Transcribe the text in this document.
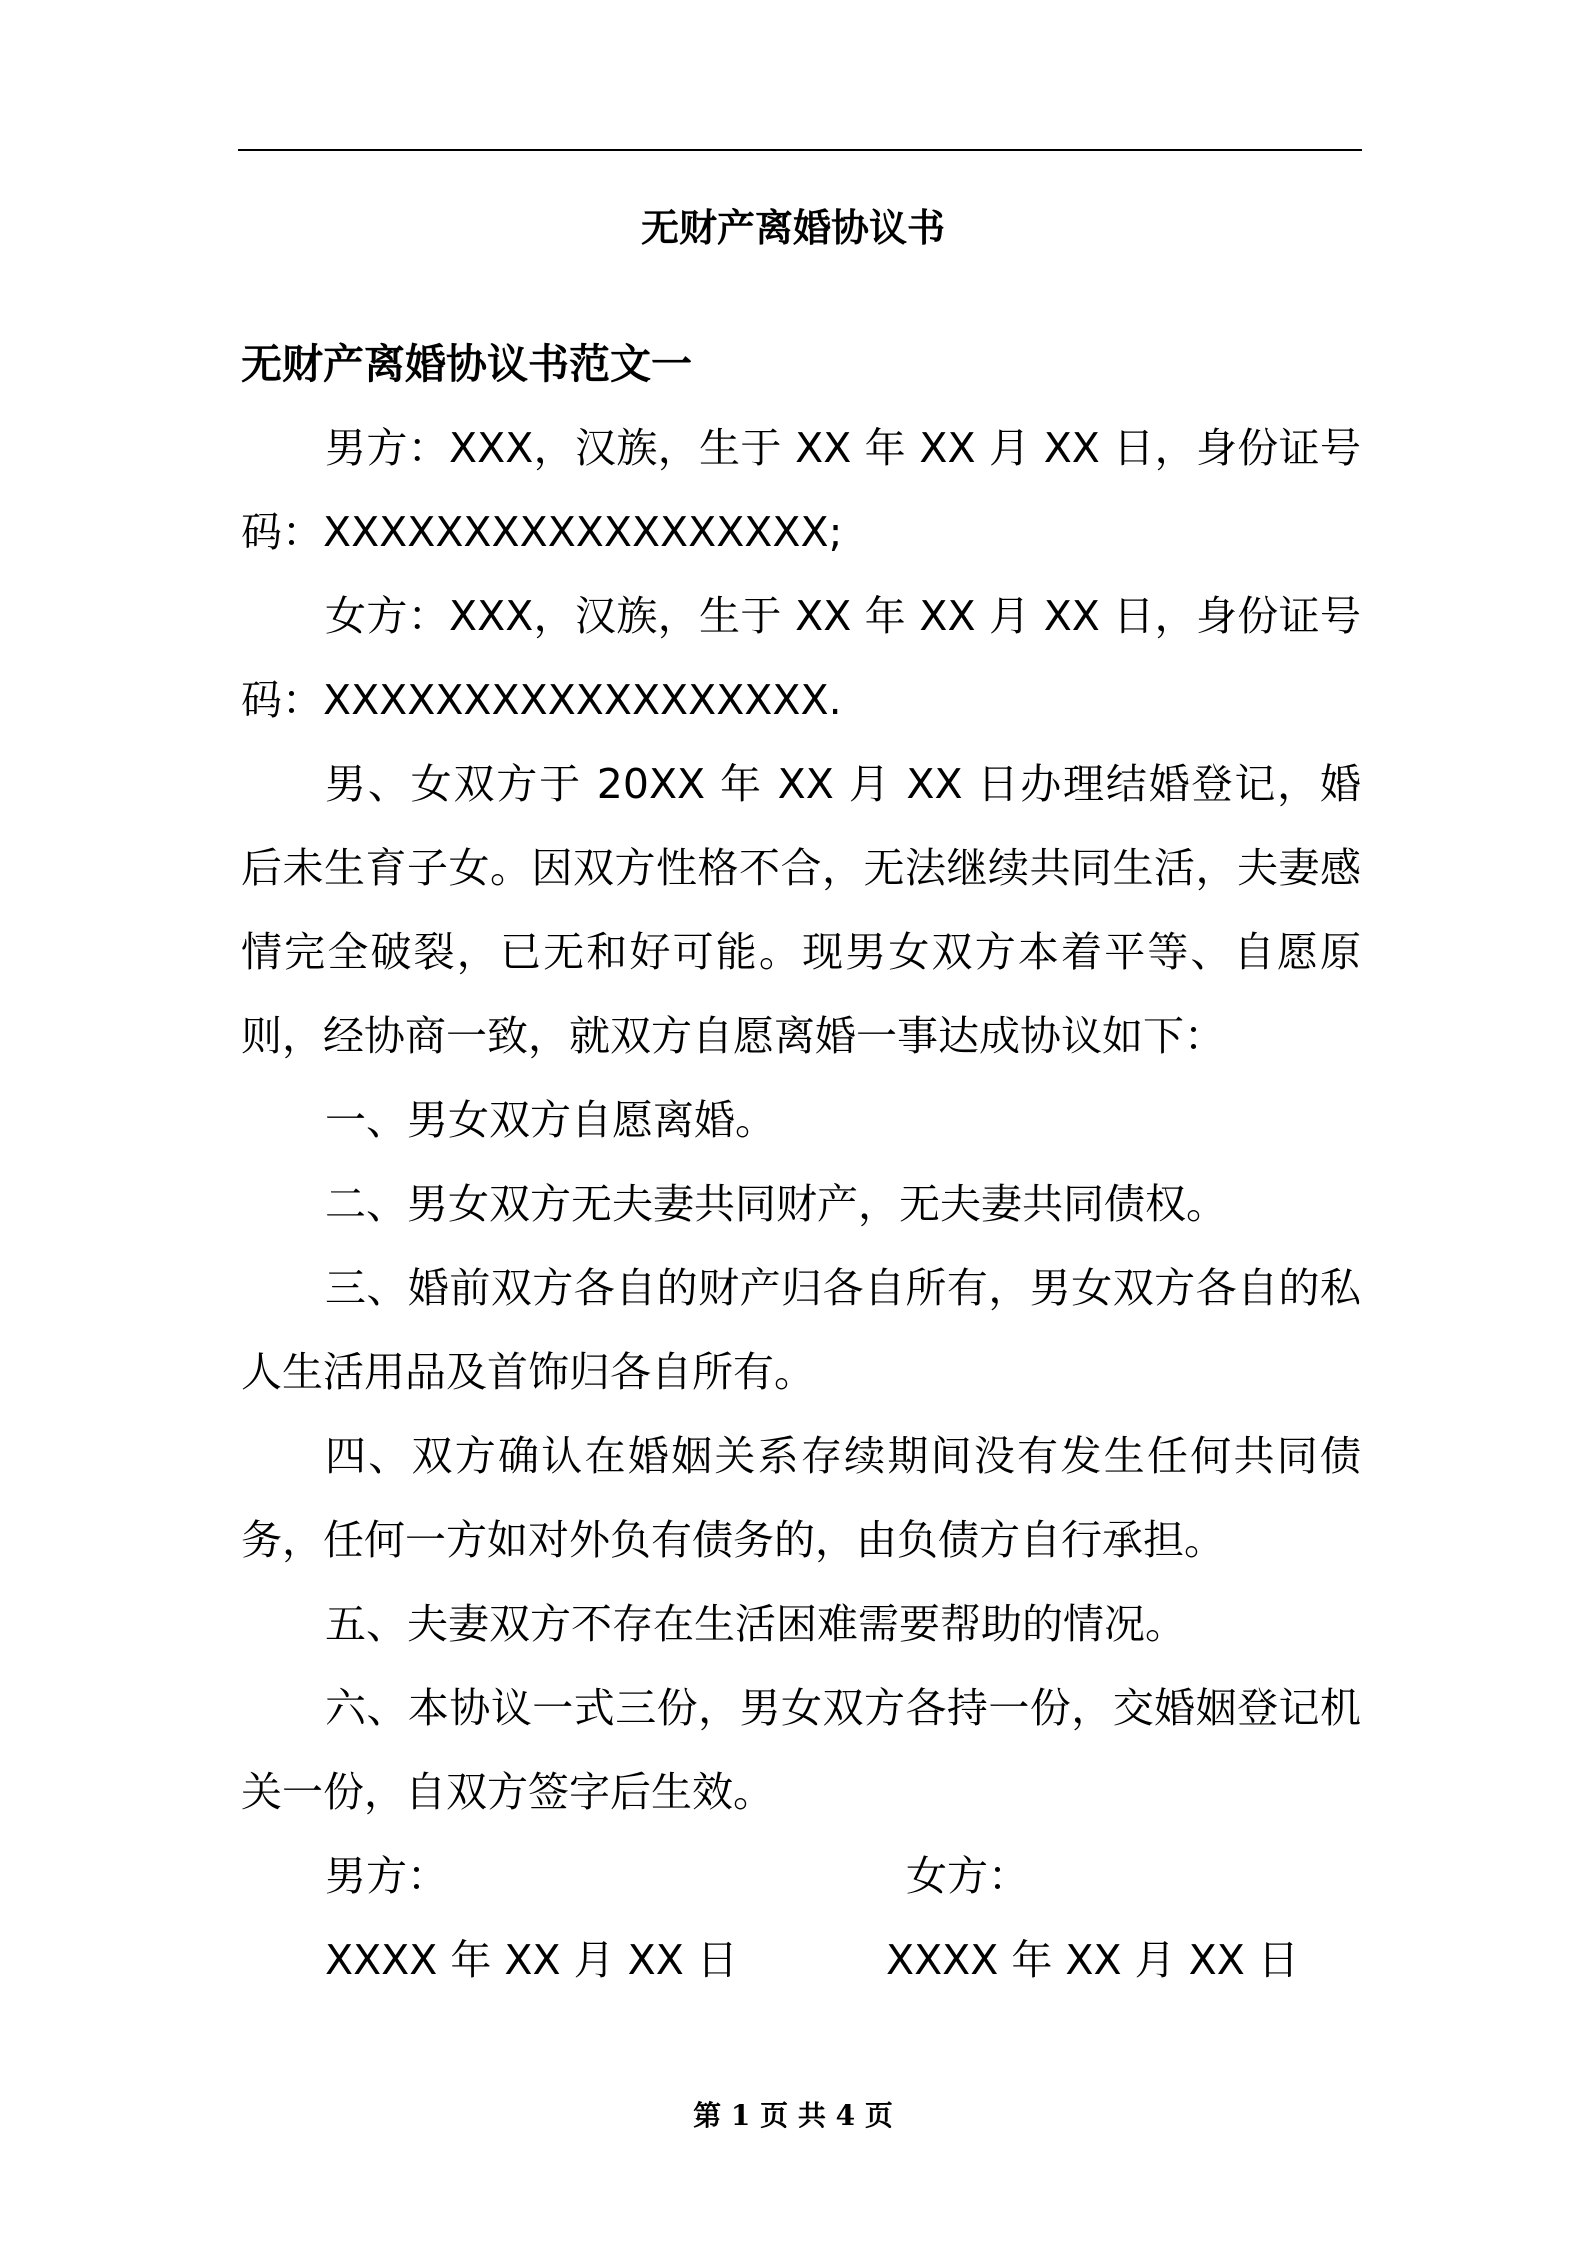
无财产离婚协议书
无财产离婚协议书范文一

男方：XXX，汉族，生于 XX 年 XX 月 XX 日，身份证号码：XXXXXXXXXXXXXXXXXX;

女方：XXX，汉族，生于 XX 年 XX 月 XX 日，身份证号码：XXXXXXXXXXXXXXXXXX.

男、女双方于 20XX 年 XX 月 XX 日办理结婚登记，婚后未生育子女。因双方性格不合，无法继续共同生活，夫妻感情完全破裂，已无和好可能。现男女双方本着平等、自愿原则，经协商一致，就双方自愿离婚一事达成协议如下：

一、男女双方自愿离婚。

二、男女双方无夫妻共同财产，无夫妻共同债权。

三、婚前双方各自的财产归各自所有，男女双方各自的私人生活用品及首饰归各自所有。

四、双方确认在婚姻关系存续期间没有发生任何共同债务，任何一方如对外负有债务的，由负债方自行承担。

五、夫妻双方不存在生活困难需要帮助的情况。

六、本协议一式三份，男女双方各持一份，交婚姻登记机关一份，自双方签字后生效。

男方：	女方：
XXXX 年 XX 月 XX 日	XXXX 年 XX 月 XX 日
第 1 页 共 4 页
